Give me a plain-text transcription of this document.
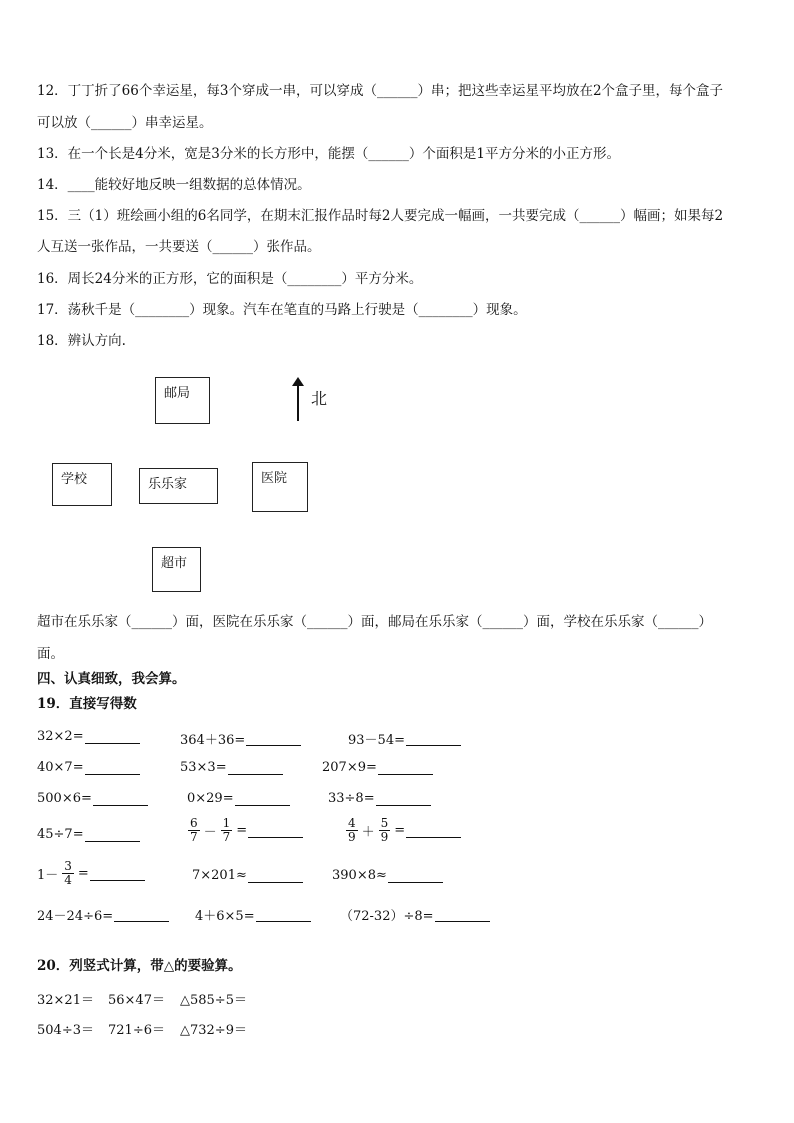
12．丁丁折了66个幸运星，每3个穿成一串，可以穿成（______）串；把这些幸运星平均放在2个盒子里，每个盒子
可以放（______）串幸运星。
13．在一个长是4分米，宽是3分米的长方形中，能摆（______）个面积是1平方分米的小正方形。
14．____能较好地反映一组数据的总体情况。
15．三（1）班绘画小组的6名同学，在期末汇报作品时每2人要完成一幅画，一共要完成（______）幅画；如果每2
人互送一张作品，一共要送（______）张作品。
16．周长24分米的正方形，它的面积是（________）平方分米。
17．荡秋千是（________）现象。汽车在笔直的马路上行驶是（________）现象。
18．辨认方向.
邮局	北
学校	乐乐家	医院
超市
超市在乐乐家（______）面，医院在乐乐家（______）面，邮局在乐乐家（______）面，学校在乐乐家（______）
面。
四、认真细致，我会算。
19．直接写得数
32×2=	364＋36=	93－54=
40×7=	53×3=	207×9=
500×6=	0×29=	33÷8=
45÷7=	$\frac{6}{7} - \frac{1}{7}$ =	$\frac{4}{9} + \frac{5}{9}$ =
$1- \frac{3}{4}$ =	7×201≈	390×8≈
24－24÷6=	4＋6×5=	（72-32）÷8=
20．列竖式计算，带△的要验算。
32×21＝ 56×47＝ △585÷5＝
504÷3＝ 721÷6＝ △732÷9＝
